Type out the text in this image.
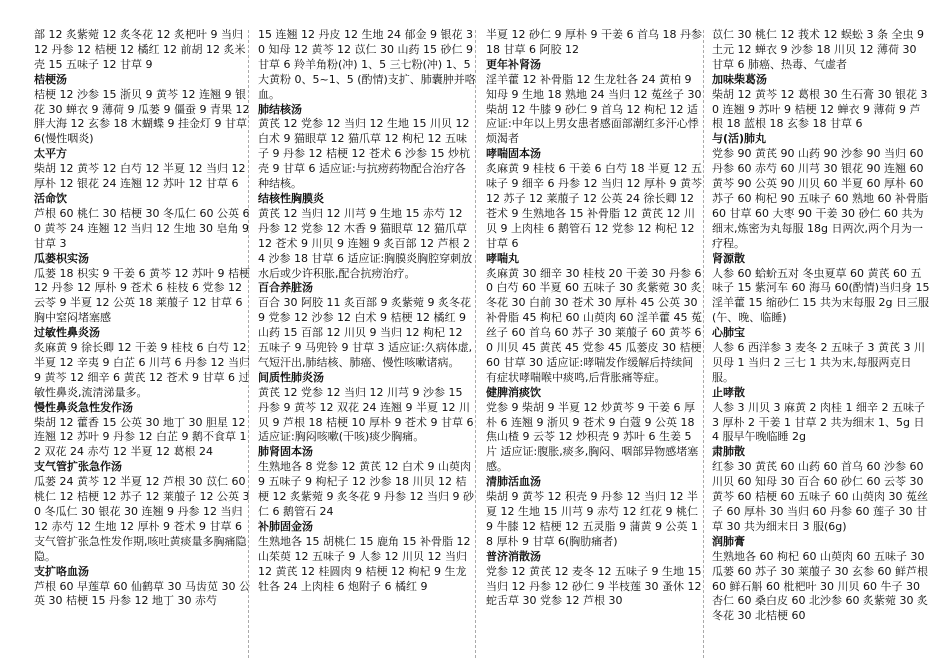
部 12 炙紫菀 12 炙冬花 12 炙杷叶 9 当归 12 丹参 12 桔梗 12 橘红 12 前胡 12 炙米壳 15 五味子 12 甘草 9

桔梗汤

桔梗 12 沙参 15 浙贝 9 黄芩 12 连翘 9 银花 30 蝉衣 9 薄荷 9 瓜蒌 9 僵蚕 9 青果 12 胖大海 12 玄参 18 木蝴蝶 9 挂金灯 9 甘草 6(慢性咽炎)

太平方

柴胡 12 黄芩 12 白芍 12 半夏 12 当归 12 厚朴 12 银花 24 连翘 12 苏叶 12 甘草 6

活命饮

芦根 60 桃仁 30 桔梗 30 冬瓜仁 60 公英 60 黄芩 24 连翘 12 当归 12 生地 30 皂角 9 甘草 3

瓜蒌枳实汤

瓜蒌 18 枳实 9 干姜 6 黄芩 12 苏叶 9 桔梗 12 丹参 12 厚朴 9 苍术 6 桂枝 6 党参 12 云苓 9 半夏 12 公英 18 莱菔子 12 甘草 6 胸中窒闷堵塞感

过敏性鼻炎汤

炙麻黄 9 徐长卿 12 干姜 9 桂枝 6 白芍 12 半夏 12 辛夷 9 白芷 6 川芎 6 丹参 12 当归 9 黄芩 12 细辛 6 黄芪 12 苍术 9 甘草 6 过敏性鼻炎,流清涕量多。

慢性鼻炎急性发作汤

柴胡 12 藿香 15 公英 30 地丁 30 胆星 12 连翘 12 苏叶 9 丹参 12 白芷 9 鹅不食草 12 双花 24 赤芍 12 半夏 12 葛根 24

支气管扩张急作汤

瓜蒌 24 黄芩 12 半夏 12 芦根 30 苡仁 60 桃仁 12 桔梗 12 苏子 12 莱菔子 12 公英 30 冬瓜仁 30 银花 30 连翘 9 丹参 12 当归 12 赤芍 12 生地 12 厚朴 9 苍术 9 甘草 6 支气管扩张急性发作期,咳吐黄痰量多胸痛隐隐。

支扩咯血汤

芦根 60 早莲草 60 仙鹤草 30 马齿苋 30 公英 30 桔梗 15 丹参 12 地丁 30 赤芍

15 连翘 12 丹皮 12 生地 24 郁金 9 银花 30 知母 12 黄芩 12 苡仁 30 山药 15 砂仁 9 甘草 6 羚羊角粉(冲) 1、5 三七粉(冲) 1、5 大黄粉 0、5~1、5 (酌情)支扩、肺囊肿并咯血。

肺结核汤

黄芪 12 党参 12 当归 12 生地 15 川贝 12 白术 9 猫眼草 12 猫爪草 12 枸杞 12 五味子 9 丹参 12 桔梗 12 苍术 6 沙参 15 炒杭壳 9 甘草 6 适应证:与抗痨药物配合治疗各种结核。

结核性胸膜炎

黄芪 12 当归 12 川芎 9 生地 15 赤芍 12 丹参 12 党参 12 木香 9 猫眼草 12 猫爪草 12 苍术 9 川贝 9 连翘 9 炙百部 12 芦根 24 沙参 18 甘草 6 适应证:胸膜炎胸腔穿刺放水后或少许积胀,配合抗痨治疗。

百合养脏汤

百合 30 阿胶 11 炙百部 9 炙紫菀 9 炙冬花 9 党参 12 沙参 12 白术 9 桔梗 12 橘红 9 山药 15 百部 12 川贝 9 当归 12 枸杞 12 五味子 9 马兜铃 9 甘草 3 适应证:久病体虚,气短汗出,肺结核、肺癌、慢性咳嗽诸病。

间质性肺炎汤

黄芪 12 党参 12 当归 12 川芎 9 沙参 15 丹参 9 黄芩 12 双花 24 连翘 9 半夏 12 川贝 9 芦根 18 桔梗 10 厚朴 9 苍术 9 甘草 6 适应证:胸闷咳嗽(干咳)痰少胸痛。

肺肾固本汤

生熟地各 8 党参 12 黄芪 12 白术 9 山萸肉 9 五味子 9 枸杞子 12 沙参 18 川贝 12 桔梗 12 炙紫菀 9 炙冬花 9 丹参 12 当归 9 砂仁 6 鹅管石 24

补肺固金汤

生熟地各 15 胡桃仁 15 鹿角 15 补骨脂 12 山茱萸 12 五味子 9 人参 12 川贝 12 当归 12 黄芪 12 桂圆肉 9 桔梗 12 枸杞 9 生龙牡各 24 上肉桂 6 炮附子 6 橘红 9

半夏 12 砂仁 9 厚朴 9 干姜 6 首乌 18 丹参 18 甘草 6 阿胶 12

更年补肾汤

淫羊藿 12 补骨脂 12 生龙牡各 24 黄柏 9 知母 9 生地 18 熟地 24 当归 12 菟丝子 30 柴胡 12 牛膝 9 砂仁 9 首乌 12 枸杞 12 适应证:中年以上男女患者感面部潮红多汗心悸烦渴者

哮喘固本汤

炙麻黄 9 桂枝 6 干姜 6 白芍 18 半夏 12 五味子 9 细辛 6 丹参 12 当归 12 厚朴 9 黄芩 12 苏子 12 莱菔子 12 公英 24 徐长卿 12 苍术 9 生熟地各 15 补骨脂 12 黄芪 12 川贝 9 上肉桂 6 鹅管石 12 党参 12 枸杞 12 甘草 6

哮喘丸

炙麻黄 30 细辛 30 桂枝 20 干姜 30 丹参 60 白芍 60 半夏 60 五味子 30 炙紫菀 30 炙冬花 30 白前 30 苍术 30 厚朴 45 公英 30 补骨脂 45 枸杞 60 山萸肉 60 淫羊藿 45 菟丝子 60 首乌 60 苏子 30 莱菔子 60 黄芩 60 川贝 45 黄芪 45 党参 45 瓜蒌皮 30 桔梗 60 甘草 30 适应证:哮喘发作缓解后持续间有症状哮喘喉中痰鸣,后背胀痛等症。

健脾消痰饮

党参 9 柴胡 9 半夏 12 炒黄芩 9 干姜 6 厚朴 6 连翘 9 浙贝 9 苍术 9 白蔻 9 公英 18 焦山楂 9 云苓 12 炒积壳 9 苏叶 6 生姜 5 片 适应证:腹胀,痰多,胸闷、咽部异物感堵塞感。

清肺活血汤

柴胡 9 黄芩 12 积壳 9 丹参 12 当归 12 半夏 12 生地 15 川芎 9 赤芍 12 红花 9 桃仁 9 牛膝 12 桔梗 12 五灵脂 9 蒲黄 9 公英 18 厚朴 9 甘草 6(胸肋痛者)

普济消散汤

党参 12 黄芪 12 麦冬 12 五味子 9 生地 15 当归 12 丹参 12 砂仁 9 半枝莲 30 蚤休 12 蛇舌草 30 党参 12 芦根 30

苡仁 30 桃仁 12 莪术 12 蜈蚣 3 条 全虫 9 土元 12 蝉衣 9 沙参 18 川贝 12 薄荷 30 甘草 6 肺癌、热毒、气虚者

加味柴葛汤

柴胡 12 黄芩 12 葛根 30 生石膏 30 银花 30 连翘 9 苏叶 9 桔梗 12 蝉衣 9 薄荷 9 芦根 18 蓝根 18 玄参 18 甘草 6

与(活)肺丸

党参 90 黄芪 90 山药 90 沙参 90 当归 60 丹参 60 赤芍 60 川芎 30 银花 90 连翘 60 黄芩 90 公英 90 川贝 60 半夏 60 厚朴 60 苏子 60 枸杞 90 五味子 60 熟地 60 补骨脂 60 甘草 60 大枣 90 干姜 30 砂仁 60 共为细末,炼密为丸每服 18g 日两次,两个月为一疗程。

肾源散

人参 60 蛤蚧五对 冬虫夏草 60 黄芪 60 五味子 15 紫河车 60 海马 60(酌情)当归身 15 淫羊藿 15 缩砂仁 15 共为末每服 2g 日三服(午、晚、临睡)

心肺宝

人参 6 西洋参 3 麦冬 2 五味子 3 黄芪 3 川贝母 1 当归 2 三七 1 共为末,每服两克日服。

止哮散

人参 3 川贝 3 麻黄 2 肉桂 1 细辛 2 五味子 3 厚朴 2 干姜 1 甘草 2 共为细末 1、5g 日 4 服早午晚临睡 2g

肃肺散

红参 30 黄芪 60 山药 60 首乌 60 沙参 60 川贝 60 知母 30 百合 60 砂仁 60 云苓 30 黄芩 60 桔梗 60 五味子 60 山萸肉 30 菟丝子 60 厚朴 30 当归 60 丹参 60 莲子 30 甘草 30 共为细末日 3 服(6g)

润肺膏

生熟地各 60 枸杞 60 山萸肉 60 五味子 30 瓜蒌 60 苏子 30 莱菔子 30 玄参 60 鲜芦根 60 鲜石斛 60 枇杷叶 30 川贝 60 牛子 30 杏仁 60 桑白皮 60 北沙参 60 炙紫菀 30 炙冬花 30 北桔梗 60
